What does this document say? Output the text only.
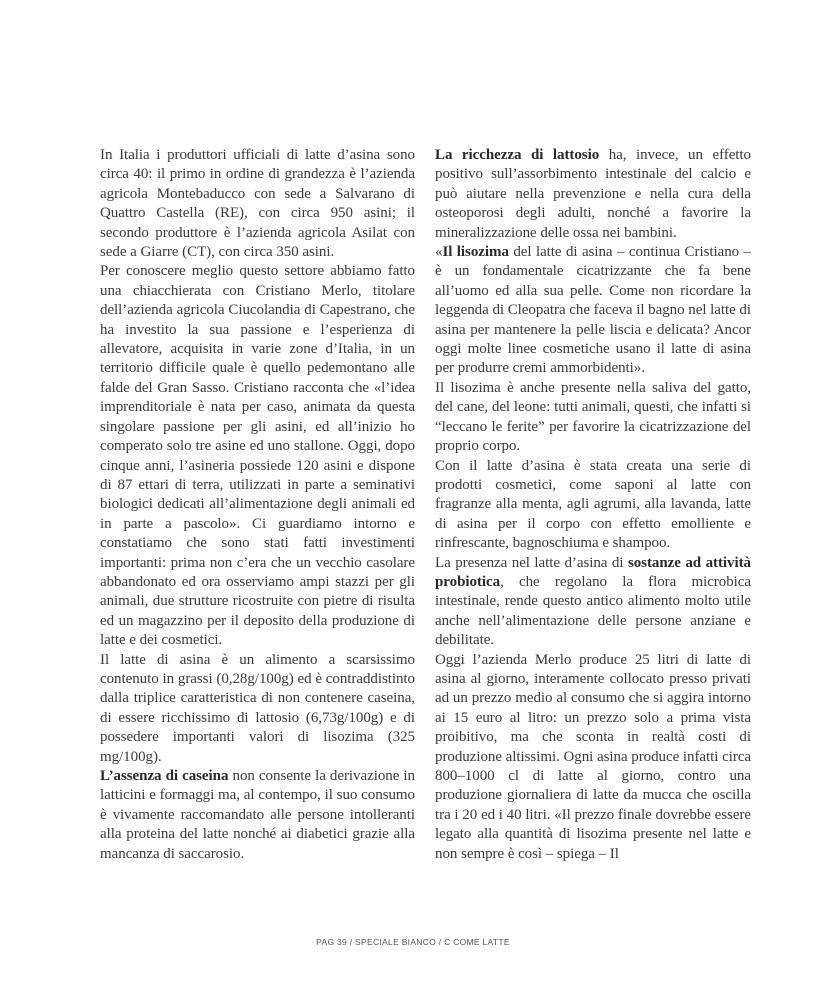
In Italia i produttori ufficiali di latte d’asina sono circa 40: il primo in ordine di grandezza è l’azienda agricola Montebaducco con sede a Salvarano di Quattro Castella (RE), con circa 950 asini; il secondo produttore è l’azienda agricola Asilat con sede a Giarre (CT), con circa 350 asini.

Per conoscere meglio questo settore abbiamo fatto una chiacchierata con Cristiano Merlo, titolare dell’azienda agricola Ciucolandia di Capestrano, che ha investito la sua passione e l’esperienza di allevatore, acquisita in varie zone d’Italia, in un territorio difficile quale è quello pedemontano alle falde del Gran Sasso. Cristiano racconta che «l’idea imprenditoriale è nata per caso, animata da questa singolare passione per gli asini, ed all’inizio ho comperato solo tre asine ed uno stallone. Oggi, dopo cinque anni, l’asineria possiede 120 asini e dispone di 87 ettari di terra, utilizzati in parte a seminativi biologici dedicati all’alimentazione degli animali ed in parte a pascolo». Ci guardiamo intorno e constatiamo che sono stati fatti investimenti importanti: prima non c’era che un vecchio casolare abbandonato ed ora osserviamo ampi stazzi per gli animali, due strutture ricostruite con pietre di risulta ed un magazzino per il deposito della produzione di latte e dei cosmetici.

Il latte di asina è un alimento a scarsissimo contenuto in grassi (0,28g/100g) ed è contraddistinto dalla triplice caratteristica di non contenere caseina, di essere ricchissimo di lattosio (6,73g/100g) e di possedere importanti valori di lisozima (325 mg/100g).

L’assenza di caseina non consente la derivazione in latticini e formaggi ma, al contempo, il suo consumo è vivamente raccomandato alle persone intolleranti alla proteina del latte nonché ai diabetici grazie alla mancanza di saccarosio.

La ricchezza di lattosio ha, invece, un effetto positivo sull’assorbimento intestinale del calcio e può aiutare nella prevenzione e nella cura della osteoporosi degli adulti, nonché a favorire la mineralizzazione delle ossa nei bambini.

«Il lisozima del latte di asina – continua Cristiano – è un fondamentale cicatrizzante che fa bene all’uomo ed alla sua pelle. Come non ricordare la leggenda di Cleopatra che faceva il bagno nel latte di asina per mantenere la pelle liscia e delicata? Ancor oggi molte linee cosmetiche usano il latte di asina per produrre cremi ammorbidenti».

Il lisozima è anche presente nella saliva del gatto, del cane, del leone: tutti animali, questi, che infatti si “leccano le ferite” per favorire la cicatrizzazione del proprio corpo.

Con il latte d’asina è stata creata una serie di prodotti cosmetici, come saponi al latte con fragranze alla menta, agli agrumi, alla lavanda, latte di asina per il corpo con effetto emolliente e rinfrescante, bagnoschiuma e shampoo.

La presenza nel latte d’asina di sostanze ad attività probiotica, che regolano la flora microbica intestinale, rende questo antico alimento molto utile anche nell’alimentazione delle persone anziane e debilitate.

Oggi l’azienda Merlo produce 25 litri di latte di asina al giorno, interamente collocato presso privati ad un prezzo medio al consumo che si aggira intorno ai 15 euro al litro: un prezzo solo a prima vista proibitivo, ma che sconta in realtà costi di produzione altissimi. Ogni asina produce infatti circa 800–1000 cl di latte al giorno, contro una produzione giornaliera di latte da mucca che oscilla tra i 20 ed i 40 litri. «Il prezzo finale dovrebbe essere legato alla quantità di lisozima presente nel latte e non sempre è così – spiega – Il

PAG 39 / SPECIALE BIANCO / C COME LATTE
